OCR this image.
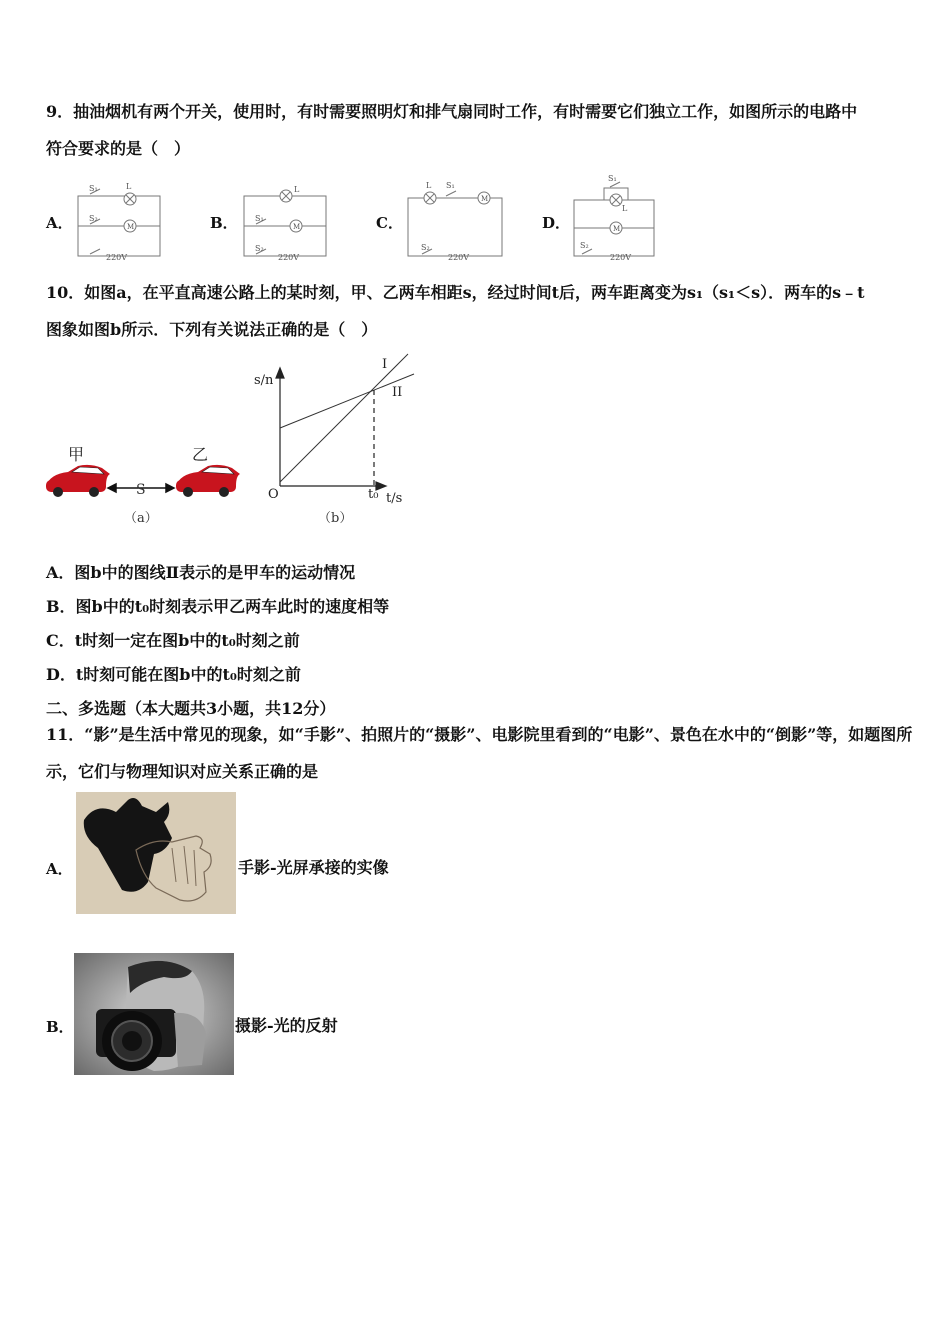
9．抽油烟机有两个开关，使用时，有时需要照明灯和排气扇同时工作，有时需要它们独立工作，如图所示的电路中
符合要求的是（　）
A．	B．	C．	D．
S₁	L
S₂
M
220V
L
S₁
M
S₂
220V
L S₁
M
S₂
220V
S₁
L
M
S₂
220V
10．如图a，在平直高速公路上的某时刻，甲、乙两车相距s，经过时间t后，两车距离变为s₁（s₁＜s）．两车的s﹣t
图象如图b所示．下列有关说法正确的是（　）
甲	乙
S
（a）
s/n
I
II
O	t₀ t/s
（b）
A．图b中的图线Ⅱ表示的是甲车的运动情况
B．图b中的t₀时刻表示甲乙两车此时的速度相等
C．t时刻一定在图b中的t₀时刻之前
D．t时刻可能在图b中的t₀时刻之前
二、多选题（本大题共3小题，共12分）
11．“影”是生活中常见的现象，如“手影”、拍照片的“摄影”、电影院里看到的“电影”、景色在水中的“倒影”等，如题图所
示，它们与物理知识对应关系正确的是
A．	手影-光屏承接的实像
B．	摄影-光的反射
